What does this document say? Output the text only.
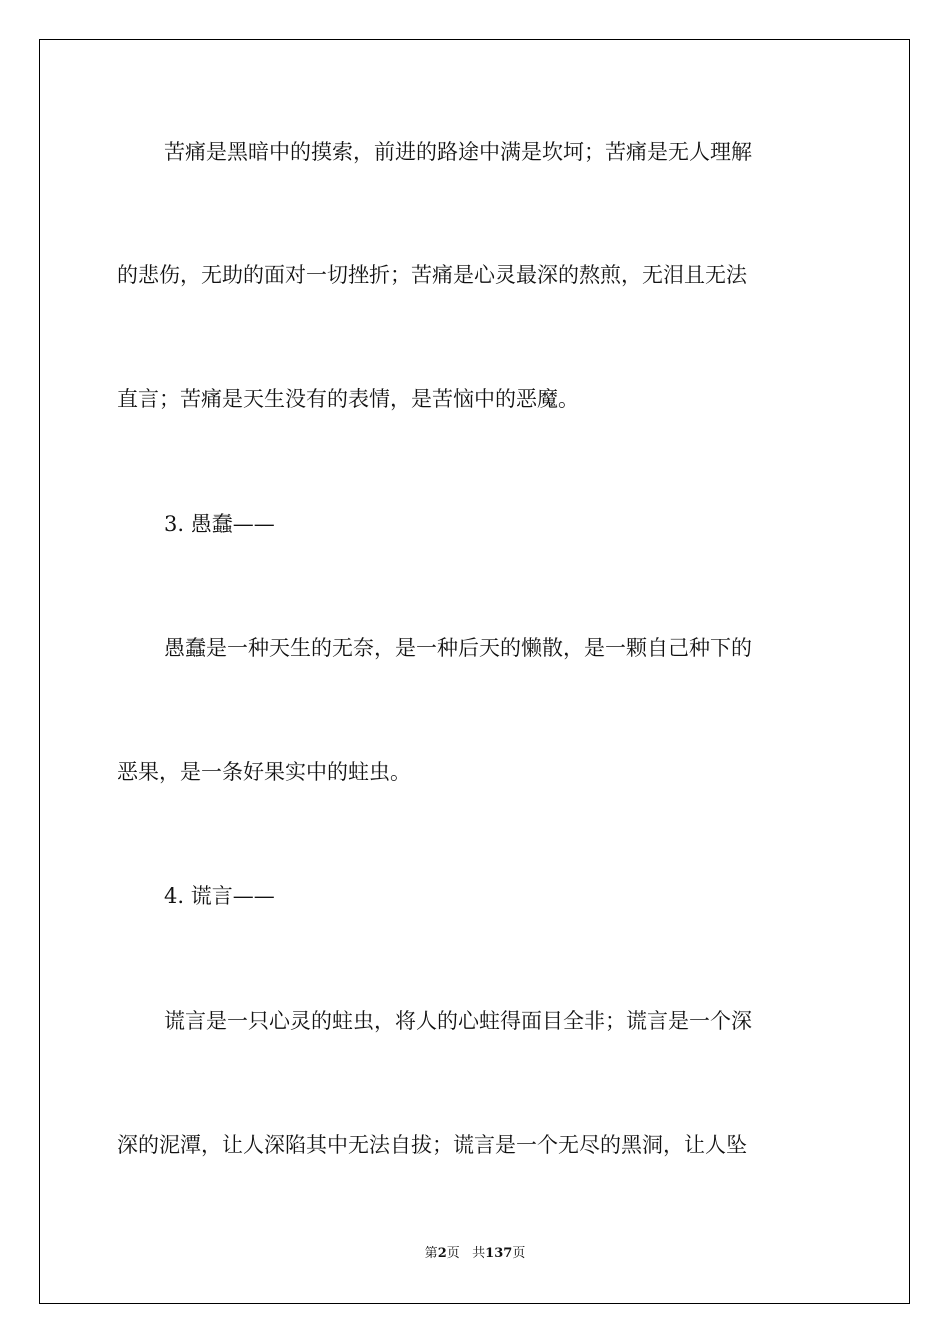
苦痛是黑暗中的摸索，前进的路途中满是坎坷；苦痛是无人理解
的悲伤，无助的面对一切挫折；苦痛是心灵最深的熬煎，无泪且无法
直言；苦痛是天生没有的表情，是苦恼中的恶魔。
3. 愚蠢——
愚蠢是一种天生的无奈，是一种后天的懒散，是一颗自己种下的
恶果，是一条好果实中的蛀虫。
4. 谎言——
谎言是一只心灵的蛀虫，将人的心蛀得面目全非；谎言是一个深
深的泥潭，让人深陷其中无法自拔；谎言是一个无尽的黑洞，让人坠
第2页 共137页
